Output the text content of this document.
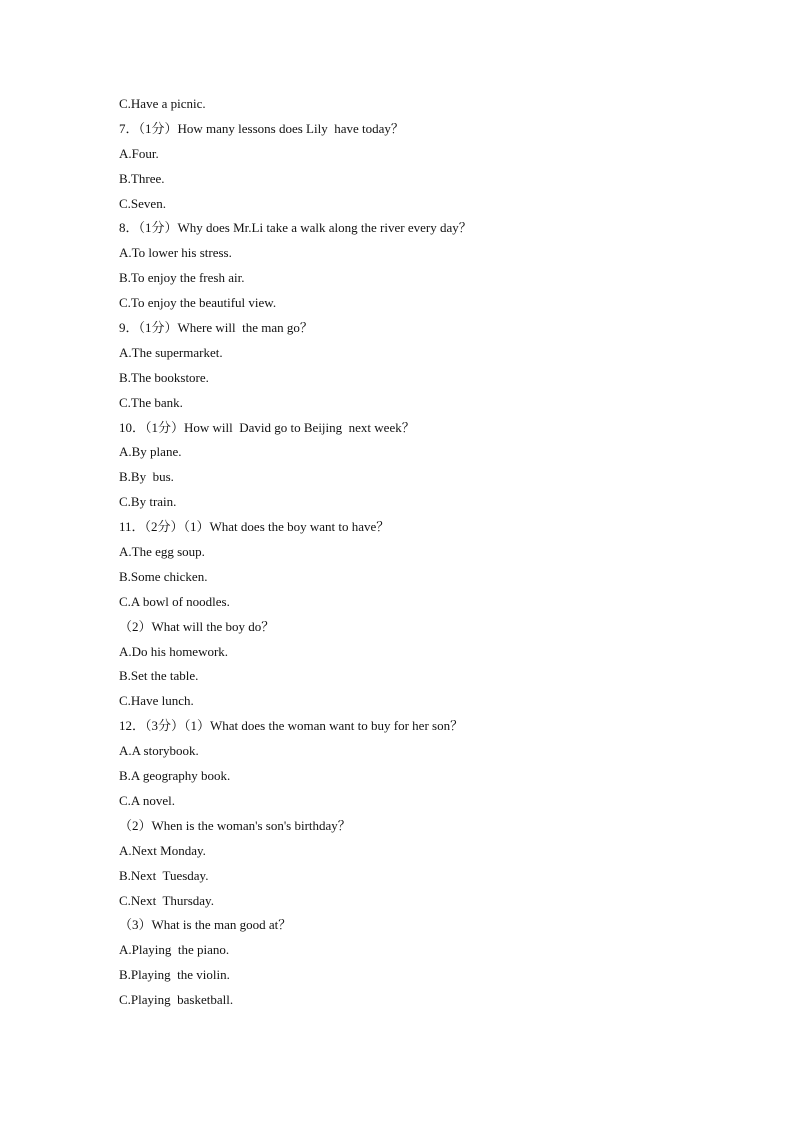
C.Have a picnic.
7．（1分）How many lessons does Lily  have today？
A.Four.
B.Three.
C.Seven.
8．（1分）Why does Mr.Li take a walk along the river every day？
A.To lower his stress.
B.To enjoy the fresh air.
C.To enjoy the beautiful view.
9．（1分）Where will  the man go？
A.The supermarket.
B.The bookstore.
C.The bank.
10．（1分）How will  David go to Beijing  next week？
A.By plane.
B.By  bus.
C.By train.
11．（2分）（1）What does the boy want to have？
A.The egg soup.
B.Some chicken.
C.A bowl of noodles.
（2）What will the boy do？
A.Do his homework.
B.Set the table.
C.Have lunch.
12．（3分）（1）What does the woman want to buy for her son？
A.A storybook.
B.A geography book.
C.A novel.
（2）When is the woman's son's birthday？
A.Next Monday.
B.Next  Tuesday.
C.Next  Thursday.
（3）What is the man good at？
A.Playing  the piano.
B.Playing  the violin.
C.Playing  basketball.
